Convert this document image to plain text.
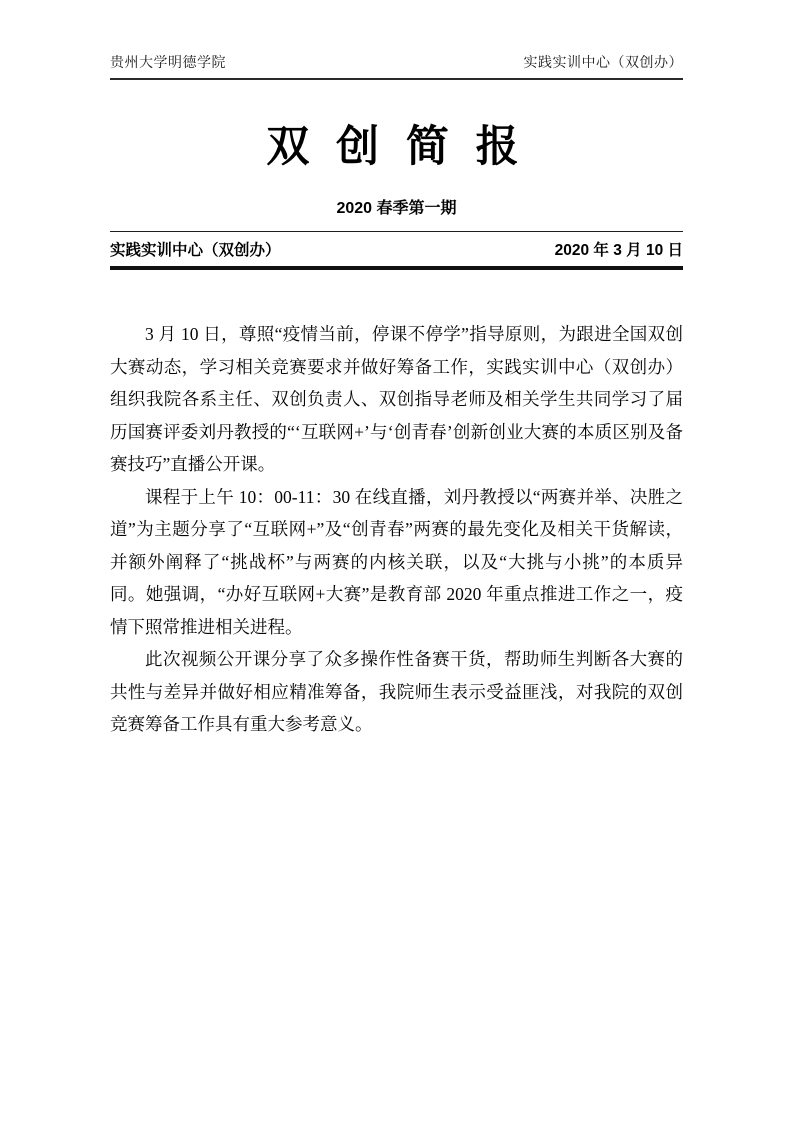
贵州大学明德学院	实践实训中心（双创办）
双 创 简 报
2020 春季第一期
实践实训中心（双创办）	2020 年 3 月 10 日

3 月 10 日，尊照“疫情当前，停课不停学”指导原则，为跟进全国双创大赛动态，学习相关竞赛要求并做好筹备工作，实践实训中心（双创办）组织我院各系主任、双创负责人、双创指导老师及相关学生共同学习了届历国赛评委刘丹教授的“‘互联网+’与‘创青春’创新创业大赛的本质区别及备赛技巧”直播公开课。

课程于上午 10：00-11：30 在线直播，刘丹教授以“两赛并举、决胜之道”为主题分享了“互联网+”及“创青春”两赛的最先变化及相关干货解读，并额外阐释了“挑战杯”与两赛的内核关联，以及“大挑与小挑”的本质异同。她强调，“办好互联网+大赛”是教育部 2020 年重点推进工作之一，疫情下照常推进相关进程。

此次视频公开课分享了众多操作性备赛干货，帮助师生判断各大赛的共性与差异并做好相应精准筹备，我院师生表示受益匪浅，对我院的双创竞赛筹备工作具有重大参考意义。
